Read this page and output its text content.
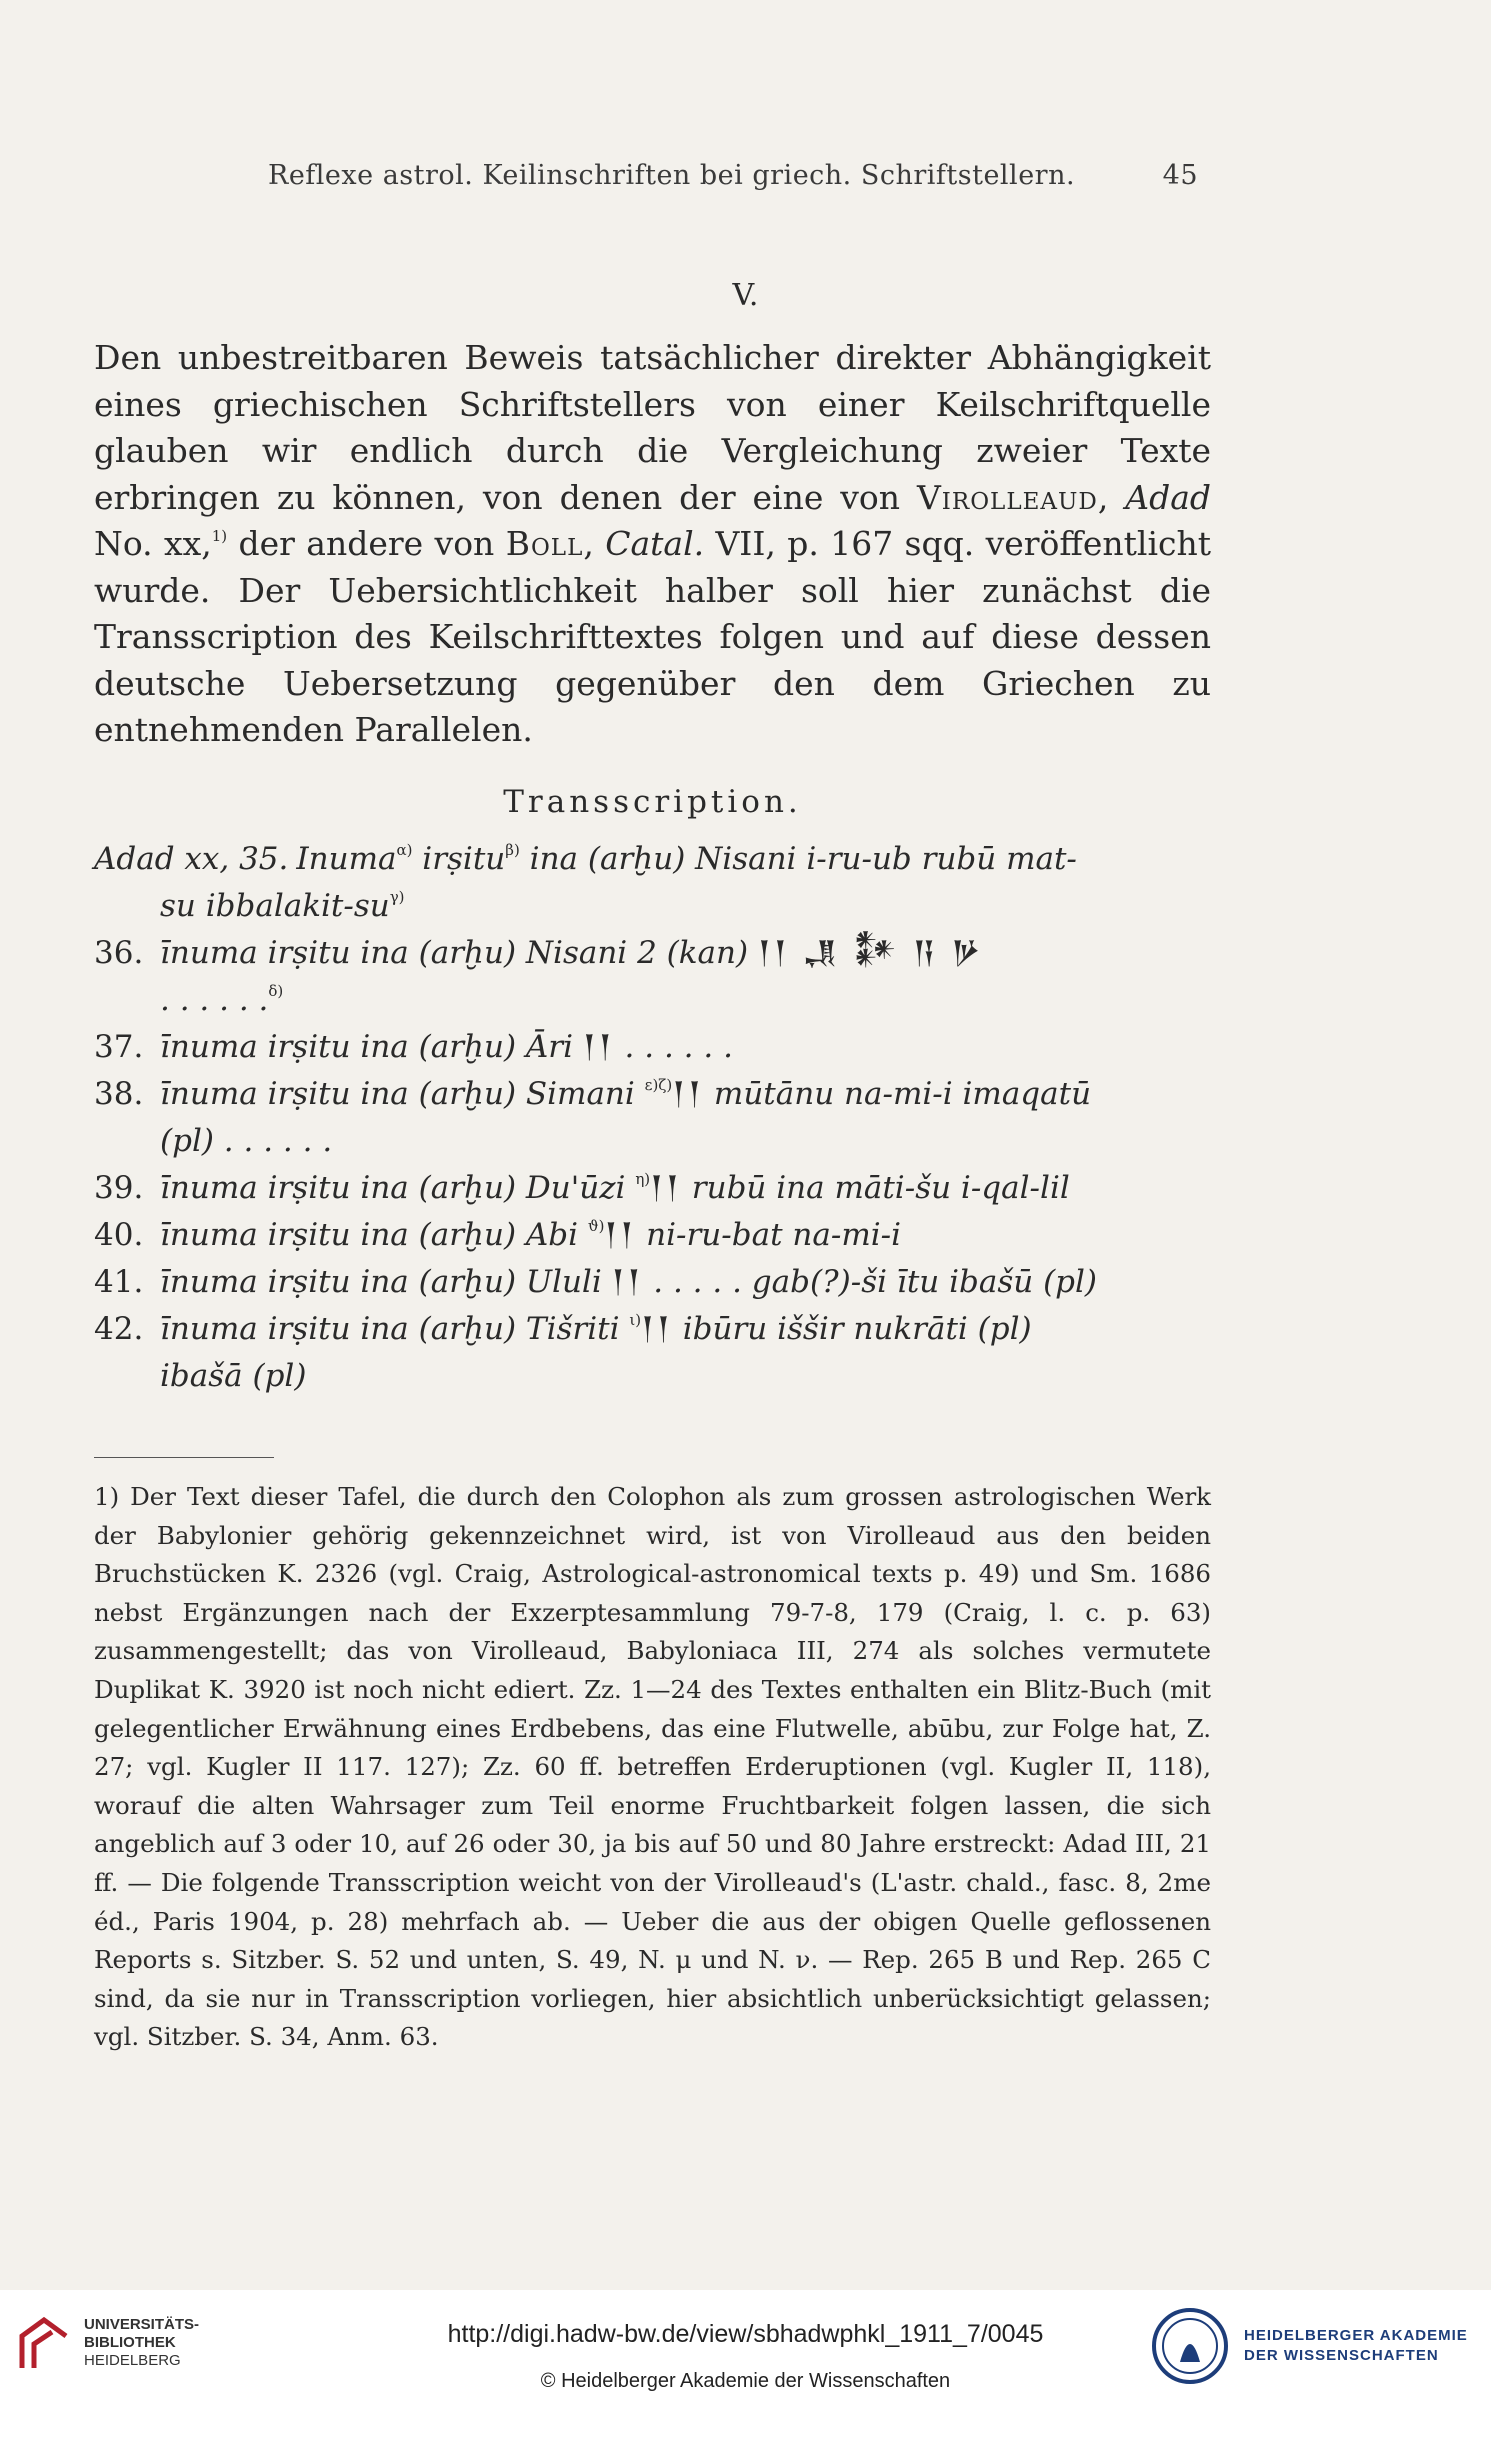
Reflexe astrol. Keilinschriften bei griech. Schriftstellern.	45
V.

Den unbestreitbaren Beweis tatsächlicher direkter Abhängigkeit eines griechischen Schriftstellers von einer Keilschriftquelle glauben wir endlich durch die Vergleichung zweier Texte erbringen zu können, von denen der eine von Virolleaud, Adad No. xx,$^{1)}$ der andere von Boll, Catal. VII, p. 167 sqq. veröffentlicht wurde. Der Uebersichtlichkeit halber soll hier zunächst die Transscription des Keilschrifttextes folgen und auf diese dessen deutsche Uebersetzung gegenüber den dem Griechen zu entnehmenden Parallelen.

Transscription.

Adad xx, 35. Inuma$^{\alpha)}$ irṣitu$^{\beta)}$ ina (arḫu) Nisani i-ru-ub rubū mat-

su ibbalakit-$su^{\gamma)}$

36. īnuma irṣitu ina (arḫu) Nisani 2 (kan) 𒁹𒁹 𒂗 𒀯 𒀀 𒃻

. . . . . .$^{\delta)}$

37. īnuma irṣitu ina (arḫu) Āri 𒁹𒁹 . . . . . .

38. īnuma irṣitu ina (arḫu) Simani $^{\varepsilon)\zeta)}$𒁹𒁹 mūtānu na-mi-i imaqatū

(pl) . . . . . .

39. īnuma irṣitu ina (arḫu) Du'ūzi $^{\eta)}$𒁹𒁹 rubū ina māti-šu i-qal-lil

40. īnuma irṣitu ina (arḫu) Abi $^{ϑ)}$𒁹𒁹 ni-ru-bat na-mi-i

41. īnuma irṣitu ina (arḫu) Ululi 𒁹𒁹 . . . . . gab(?)-ši ītu ibašū (pl)

42. īnuma irṣitu ina (arḫu) Tišriti $^{\iota)}$𒁹𒁹 ibūru iššir nukrāti (pl)

ibašā (pl)

1) Der Text dieser Tafel, die durch den Colophon als zum grossen astrologischen Werk der Babylonier gehörig gekennzeichnet wird, ist von Virolleaud aus den beiden Bruchstücken K. 2326 (vgl. Craig, Astrological-astronomical texts p. 49) und Sm. 1686 nebst Ergänzungen nach der Exzerptesammlung 79-7-8, 179 (Craig, l. c. p. 63) zusammengestellt; das von Virolleaud, Babyloniaca III, 274 als solches vermutete Duplikat K. 3920 ist noch nicht ediert. Zz. 1—24 des Textes enthalten ein Blitz-Buch (mit gelegentlicher Erwähnung eines Erdbebens, das eine Flutwelle, abūbu, zur Folge hat, Z. 27; vgl. Kugler II 117. 127); Zz. 60 ff. betreffen Erderuptionen (vgl. Kugler II, 118), worauf die alten Wahrsager zum Teil enorme Fruchtbarkeit folgen lassen, die sich angeblich auf 3 oder 10, auf 26 oder 30, ja bis auf 50 und 80 Jahre erstreckt: Adad III, 21 ff. — Die folgende Transscription weicht von der Virolleaud's (L'astr. chald., fasc. 8, 2me éd., Paris 1904, p. 28) mehrfach ab. — Ueber die aus der obigen Quelle geflossenen Reports s. Sitzber. S. 52 und unten, S. 49, N. μ und N. ν. — Rep. 265 B und Rep. 265 C sind, da sie nur in Transscription vorliegen, hier absichtlich unberücksichtigt gelassen; vgl. Sitzber. S. 34, Anm. 63.

UNIVERSITÄTS-
BIBLIOTHEK
HEIDELBERG
http://digi.hadw-bw.de/view/sbhadwphkl_1911_7/0045
© Heidelberger Akademie der Wissenschaften
HEIDELBERGER AKADEMIE
DER WISSENSCHAFTEN
